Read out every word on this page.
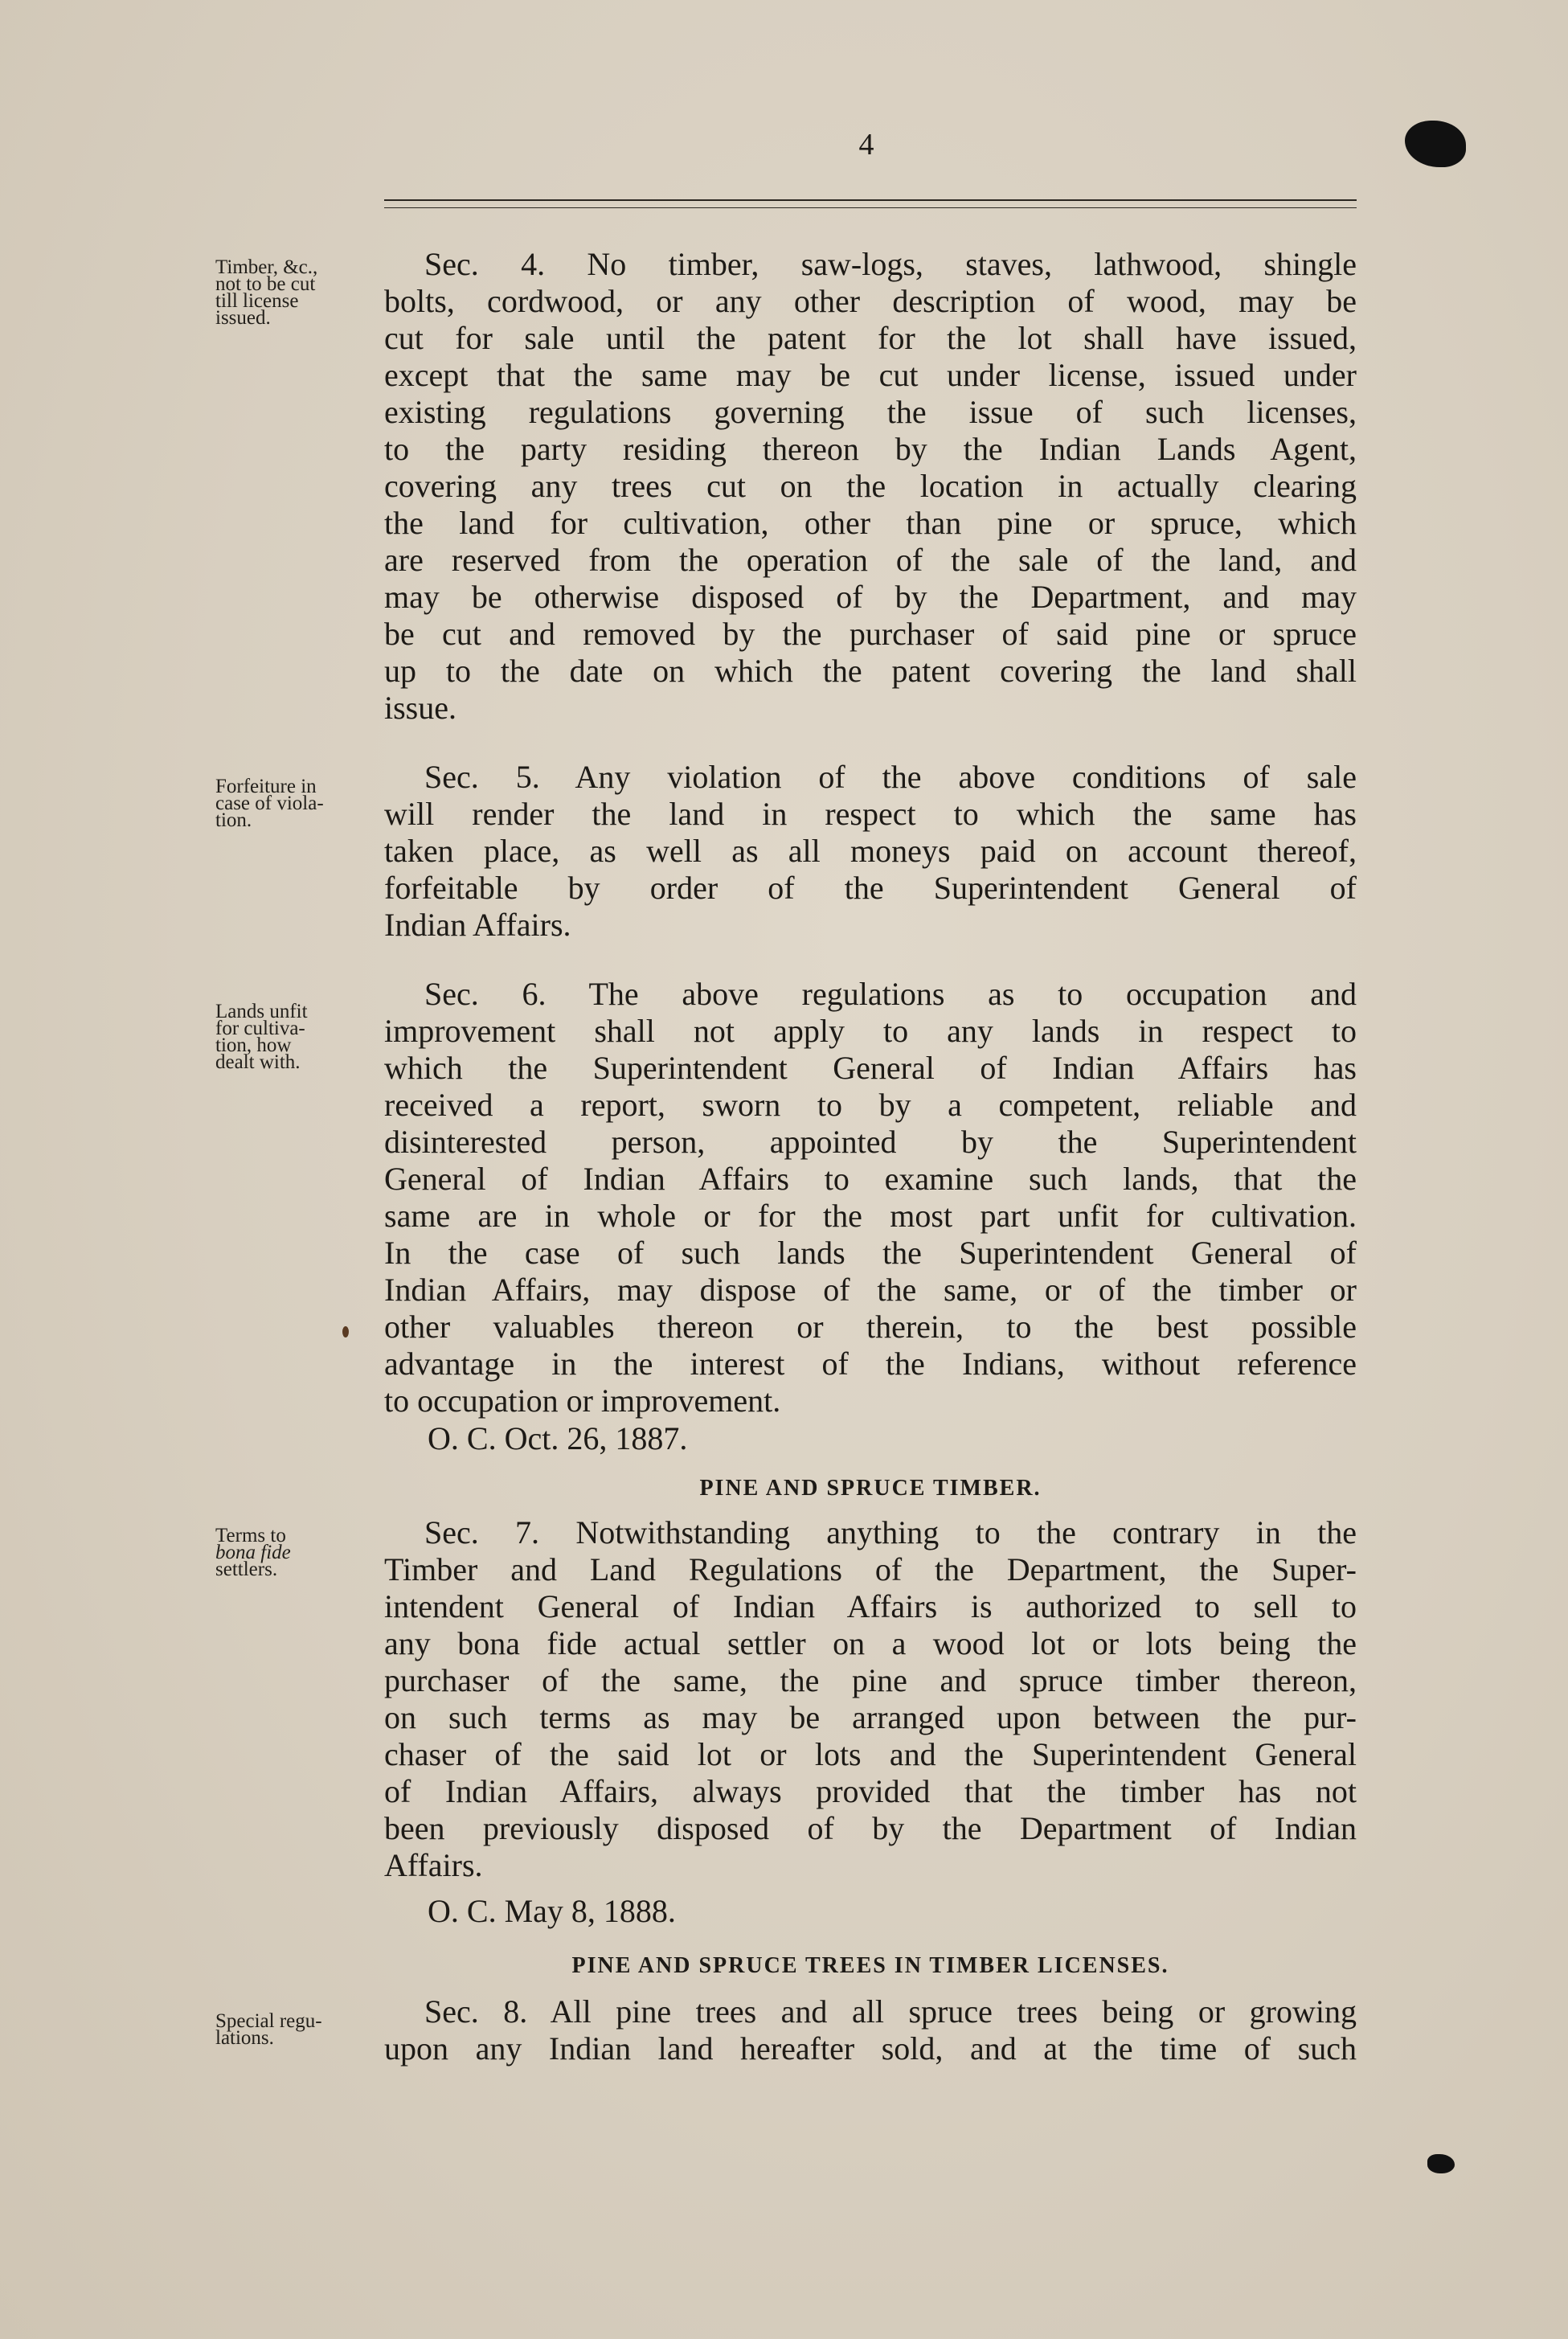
4
Timber, &c.,
not to be cut
till license
issued.
Sec. 4. No timber, saw-logs, staves, lathwood, shingle
bolts, cordwood, or any other description of wood, may be
cut for sale until the patent for the lot shall have issued,
except that the same may be cut under license, issued under
existing regulations governing the issue of such licenses,
to the party residing thereon by the Indian Lands Agent,
covering any trees cut on the location in actually clearing
the land for cultivation, other than pine or spruce, which
are reserved from the operation of the sale of the land, and
may be otherwise disposed of by the Department, and may
be cut and removed by the purchaser of said pine or spruce
up to the date on which the patent covering the land shall
issue.
Forfeiture in
case of viola-
tion.
Sec. 5. Any violation of the above conditions of sale
will render the land in respect to which the same has
taken place, as well as all moneys paid on account thereof,
forfeitable by order of the Superintendent General of
Indian Affairs.
Lands unfit
for cultiva-
tion, how
dealt with.
Sec. 6. The above regulations as to occupation and
improvement shall not apply to any lands in respect to
which the Superintendent General of Indian Affairs has
received a report, sworn to by a competent, reliable and
disinterested person, appointed by the Superintendent
General of Indian Affairs to examine such lands, that the
same are in whole or for the most part unfit for cultivation.
In the case of such lands the Superintendent General of
Indian Affairs, may dispose of the same, or of the timber or
other valuables thereon or therein, to the best possible
advantage in the interest of the Indians, without reference
to occupation or improvement.
O. C. Oct. 26, 1887.
PINE AND SPRUCE TIMBER.
Terms to
bona fide
settlers.
Sec. 7. Notwithstanding anything to the contrary in the
Timber and Land Regulations of the Department, the Super-
intendent General of Indian Affairs is authorized to sell to
any bona fide actual settler on a wood lot or lots being the
purchaser of the same, the pine and spruce timber thereon,
on such terms as may be arranged upon between the pur-
chaser of the said lot or lots and the Superintendent General
of Indian Affairs, always provided that the timber has not
been previously disposed of by the Department of Indian
Affairs.
O. C. May 8, 1888.
PINE AND SPRUCE TREES IN TIMBER LICENSES.
Special regu-
lations.
Sec. 8. All pine trees and all spruce trees being or growing
upon any Indian land hereafter sold, and at the time of such
